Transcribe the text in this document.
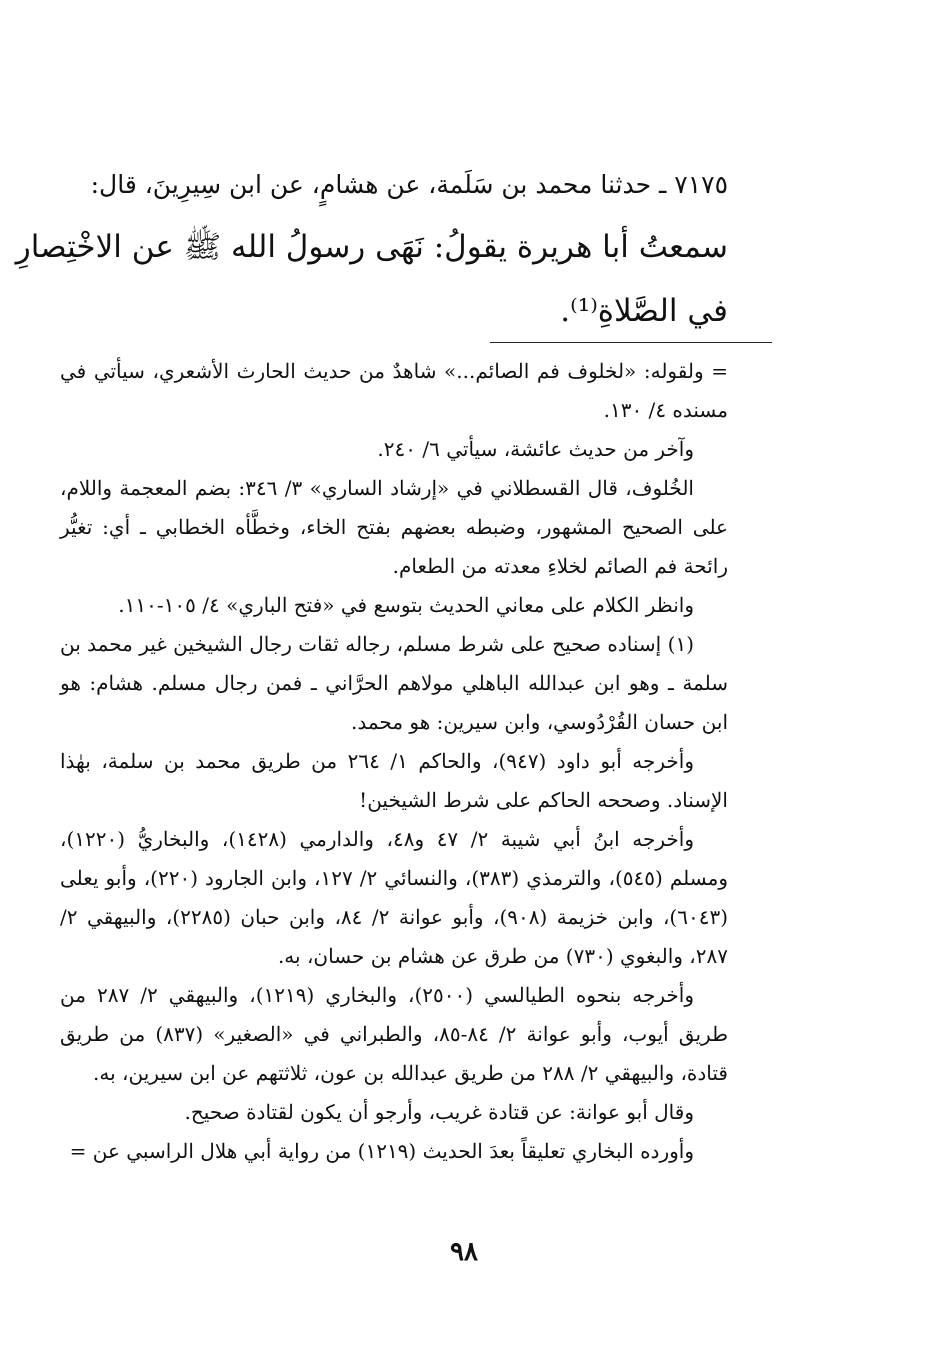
٧١٧٥ ـ حدثنا محمد بن سَلَمة، عن هشامٍ، عن ابن سِيرِينَ، قال:

سمعتُ أبا هريرة يقولُ: نَهَى رسولُ الله ﷺ عن الاخْتِصارِ

في الصَّلاةِ⁽¹⁾.

= ولقوله: «لخلوف فم الصائم...» شاهدٌ من حديث الحارث الأشعري، سيأتي في مسنده ٤/ ١٣٠.

وآخر من حديث عائشة، سيأتي ٦/ ٢٤٠.

الخُلوف، قال القسطلاني في «إرشاد الساري» ٣/ ٣٤٦: بضم المعجمة واللام، على الصحيح المشهور، وضبطه بعضهم بفتح الخاء، وخطَّأه الخطابي ـ أي: تغيُّر رائحة فم الصائم لخلاءِ معدته من الطعام.

وانظر الكلام على معاني الحديث بتوسع في «فتح الباري» ٤/ ١٠٥-١١٠.

(١) إسناده صحيح على شرط مسلم، رجاله ثقات رجال الشيخين غير محمد بن سلمة ـ وهو ابن عبدالله الباهلي مولاهم الحرَّاني ـ فمن رجال مسلم. هشام: هو ابن حسان القُرْدُوسي، وابن سيرين: هو محمد.

وأخرجه أبو داود (٩٤٧)، والحاكم ١/ ٢٦٤ من طريق محمد بن سلمة، بهٰذا الإسناد. وصححه الحاكم على شرط الشيخين!

وأخرجه ابنُ أبي شيبة ٢/ ٤٧ و٤٨، والدارمي (١٤٢٨)، والبخاريُّ (١٢٢٠)، ومسلم (٥٤٥)، والترمذي (٣٨٣)، والنسائي ٢/ ١٢٧، وابن الجارود (٢٢٠)، وأبو يعلى (٦٠٤٣)، وابن خزيمة (٩٠٨)، وأبو عوانة ٢/ ٨٤، وابن حبان (٢٢٨٥)، والبيهقي ٢/ ٢٨٧، والبغوي (٧٣٠) من طرق عن هشام بن حسان، به.

وأخرجه بنحوه الطيالسي (٢٥٠٠)، والبخاري (١٢١٩)، والبيهقي ٢/ ٢٨٧ من طريق أيوب، وأبو عوانة ٢/ ٨٤-٨٥، والطبراني في «الصغير» (٨٣٧) من طريق قتادة، والبيهقي ٢/ ٢٨٨ من طريق عبدالله بن عون، ثلاثتهم عن ابن سيرين، به.

وقال أبو عوانة: عن قتادة غريب، وأرجو أن يكون لقتادة صحيح.

وأورده البخاري تعليقاً بعدَ الحديث (١٢١٩) من رواية أبي هلال الراسبي عن =

٩٨
